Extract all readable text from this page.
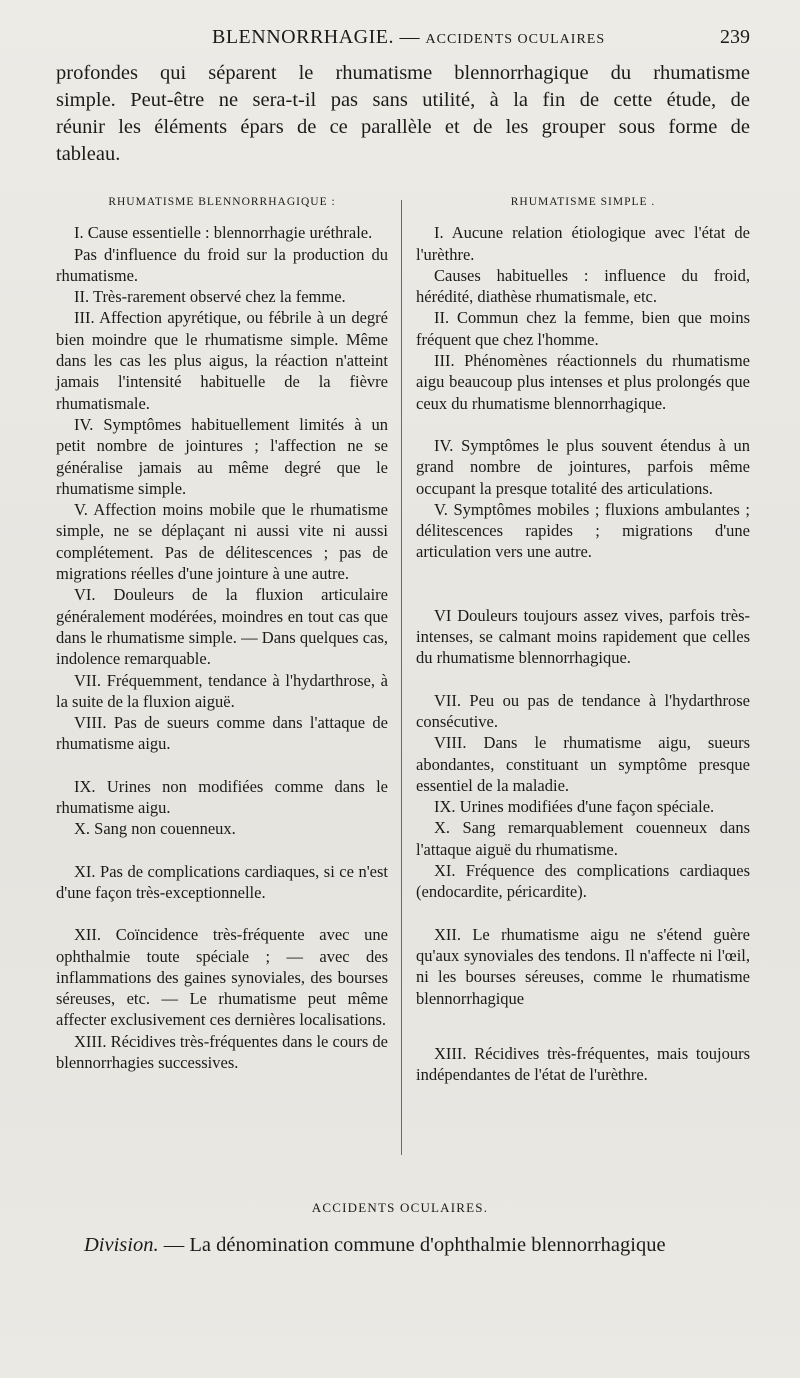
BLENNORRHAGIE. — ACCIDENTS OCULAIRES	239
profondes qui séparent le rhumatisme blennorrhagique du rhumatisme
simple. Peut-être ne sera-t-il pas sans utilité, à la fin de cette étude, de
réunir les éléments épars de ce parallèle et de les grouper sous forme de
tableau.
RHUMATISME BLENNORRHAGIQUE :

I. Cause essentielle : blennorrhagie uréthrale.

Pas d'influence du froid sur la production du rhumatisme.

II. Très-rarement observé chez la femme.

III. Affection apyrétique, ou fébrile à un degré bien moindre que le rhumatisme simple. Même dans les cas les plus aigus, la réaction n'atteint jamais l'intensité habituelle de la fièvre rhumatismale.

IV. Symptômes habituellement limités à un petit nombre de jointures ; l'affection ne se généralise jamais au même degré que le rhumatisme simple.

V. Affection moins mobile que le rhumatisme simple, ne se déplaçant ni aussi vite ni aussi complétement. Pas de délitescences ; pas de migrations réelles d'une jointure à une autre.

VI. Douleurs de la fluxion articulaire généralement modérées, moindres en tout cas que dans le rhumatisme simple. — Dans quelques cas, indolence remarquable.

VII. Fréquemment, tendance à l'hydarthrose, à la suite de la fluxion aiguë.

VIII. Pas de sueurs comme dans l'attaque de rhumatisme aigu.

IX. Urines non modifiées comme dans le rhumatisme aigu.

X. Sang non couenneux.

XI. Pas de complications cardiaques, si ce n'est d'une façon très-exceptionnelle.

XII. Coïncidence très-fréquente avec une ophthalmie toute spéciale ; — avec des inflammations des gaines synoviales, des bourses séreuses, etc. — Le rhumatisme peut même affecter exclusivement ces dernières localisations.

XIII. Récidives très-fréquentes dans le cours de blennorrhagies successives.

RHUMATISME SIMPLE .

I. Aucune relation étiologique avec l'état de l'urèthre.

Causes habituelles : influence du froid, hérédité, diathèse rhumatismale, etc.

II. Commun chez la femme, bien que moins fréquent que chez l'homme.

III. Phénomènes réactionnels du rhumatisme aigu beaucoup plus intenses et plus prolongés que ceux du rhumatisme blennorrhagique.

IV. Symptômes le plus souvent étendus à un grand nombre de jointures, parfois même occupant la presque totalité des articulations.

V. Symptômes mobiles ; fluxions ambulantes ; délitescences rapides ; migrations d'une articulation vers une autre.

VI Douleurs toujours assez vives, parfois très-intenses, se calmant moins rapidement que celles du rhumatisme blennorrhagique.

VII. Peu ou pas de tendance à l'hydarthrose consécutive.

VIII. Dans le rhumatisme aigu, sueurs abondantes, constituant un symptôme presque essentiel de la maladie.

IX. Urines modifiées d'une façon spéciale.

X. Sang remarquablement couenneux dans l'attaque aiguë du rhumatisme.

XI. Fréquence des complications cardiaques (endocardite, péricardite).

XII. Le rhumatisme aigu ne s'étend guère qu'aux synoviales des tendons. Il n'affecte ni l'œil, ni les bourses séreuses, comme le rhumatisme blennorrhagique

XIII. Récidives très-fréquentes, mais toujours indépendantes de l'état de l'urèthre.

ACCIDENTS OCULAIRES.
Division. — La dénomination commune d'ophthalmie blennorrhagique
